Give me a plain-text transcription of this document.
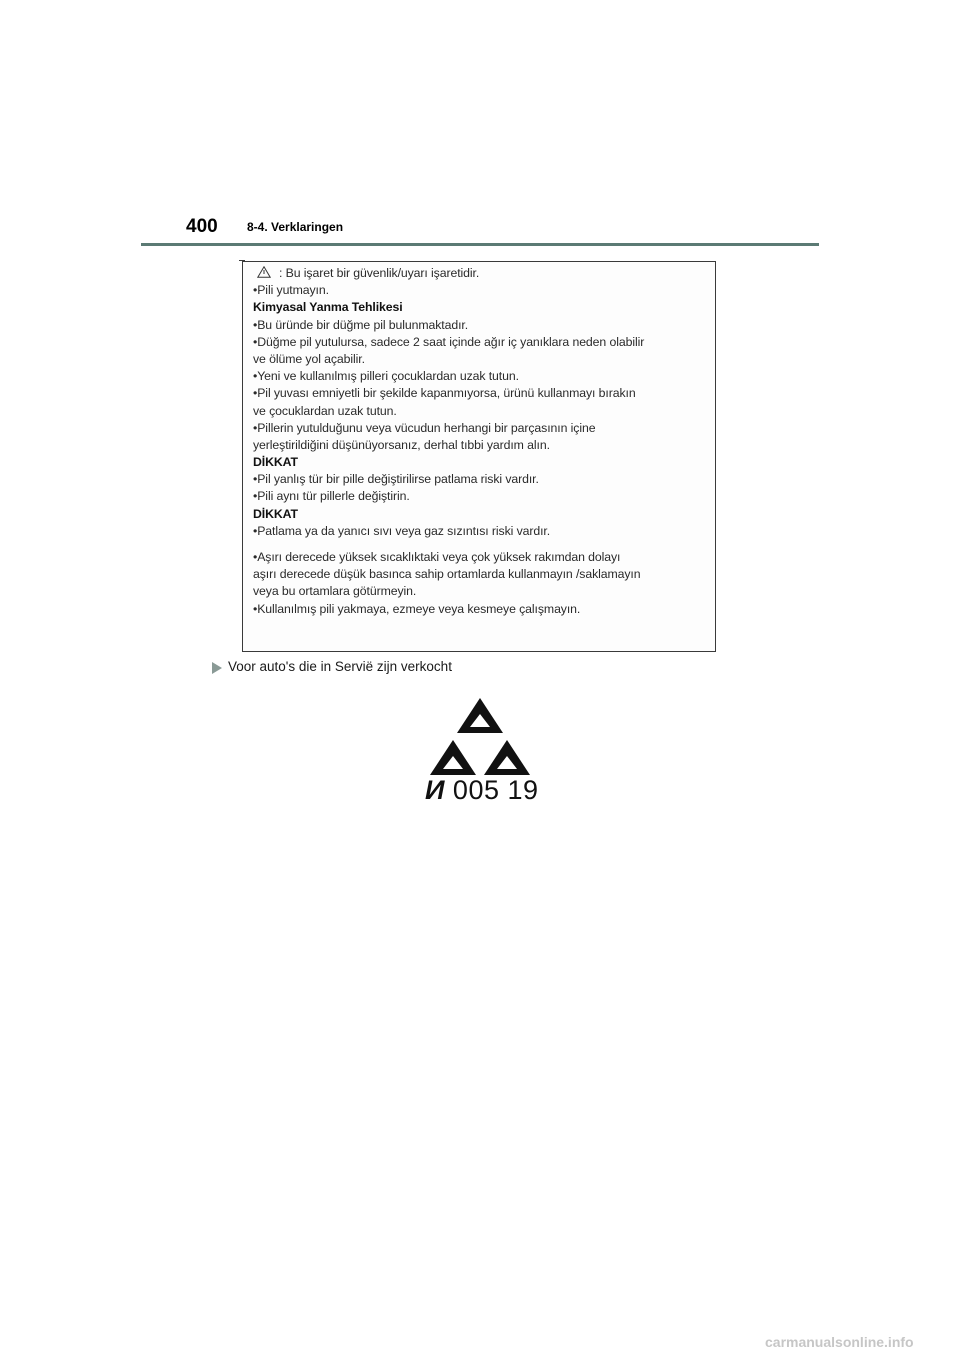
400 8-4. Verklaringen
: Bu işaret bir güvenlik/uyarı işaretidir.
•Pili yutmayın.
Kimyasal Yanma Tehlikesi
•Bu üründe bir düğme pil bulunmaktadır.
•Düğme pil yutulursa, sadece 2 saat içinde ağır iç yanıklara neden olabilir
ve ölüme yol açabilir.
•Yeni ve kullanılmış pilleri çocuklardan uzak tutun.
•Pil yuvası emniyetli bir şekilde kapanmıyorsa, ürünü kullanmayı bırakın
ve çocuklardan uzak tutun.
•Pillerin yutulduğunu veya vücudun herhangi bir parçasının içine
yerleştirildiğini düşünüyorsanız, derhal tıbbi yardım alın.
DİKKAT
•Pil yanlış tür bir pille değiştirilirse patlama riski vardır.
•Pili aynı tür pillerle değiştirin.
DİKKAT
•Patlama ya da yanıcı sıvı veya gaz sızıntısı riski vardır.
•Aşırı derecede yüksek sıcaklıktaki veya çok yüksek rakımdan dolayı
aşırı derecede düşük basınca sahip ortamlarda kullanmayın /saklamayın
veya bu ortamlara götürmeyin.
•Kullanılmış pili yakmaya, ezmeye veya kesmeye çalışmayın.
Voor auto's die in Servië zijn verkocht
И 005 19
carmanualsonline.info
